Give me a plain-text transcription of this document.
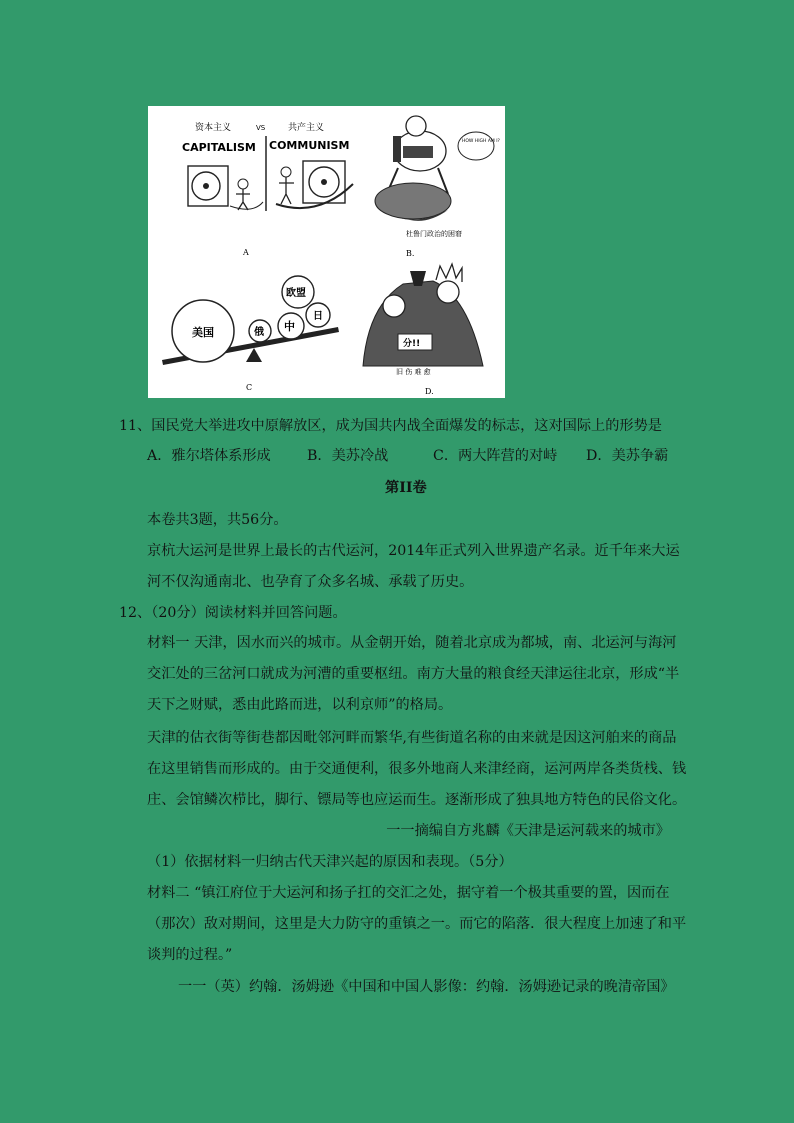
资本主义	VS	共产主义
CAPITALISM COMMUNISM
A
HOW HIGH AM I?
杜鲁门政治的困窘
B.
美国	俄 中
日
欧盟
C
分!!
旧 伤 难 愈
D.
11、国民党大举进攻中原解放区，成为国共内战全面爆发的标志，这对国际上的形势是
A．雅尔塔体系形成	B．美苏冷战	C．两大阵营的对峙 D．美苏争霸
第II卷
本卷共3题，共56分。
京杭大运河是世界上最长的古代运河，2014年正式列入世界遗产名录。近千年来大运
河不仅沟通南北、也孕育了众多名城、承载了历史。
12、（20分）阅读材料并回答问题。
材料一 天津，因水而兴的城市。从金朝开始，随着北京成为都城，南、北运河与海河
交汇处的三岔河口就成为河漕的重要枢纽。南方大量的粮食经天津运往北京，形成“半
天下之财赋，悉由此路而进，以利京师”的格局。
天津的估衣街等街巷都因毗邻河畔而繁华,有些街道名称的由来就是因这河舶来的商品
在这里销售而形成的。由于交通便利，很多外地商人来津经商，运河两岸各类货栈、钱
庄、会馆鳞次栉比，脚行、镖局等也应运而生。逐渐形成了独具地方特色的民俗文化。
一一摘编自方兆麟《天津是运河载来的城市》
（1）依据材料一归纳古代天津兴起的原因和表现。（5分）
材料二 “镇江府位于大运河和扬子扛的交汇之处，据守着一个极其重要的置，因而在
（那次）敌对期间，这里是大力防守的重镇之一。而它的陷落．很大程度上加速了和平
谈判的过程。”
一一（英）约翰．汤姆逊《中国和中国人影像：约翰．汤姆逊记录的晚清帝国》
